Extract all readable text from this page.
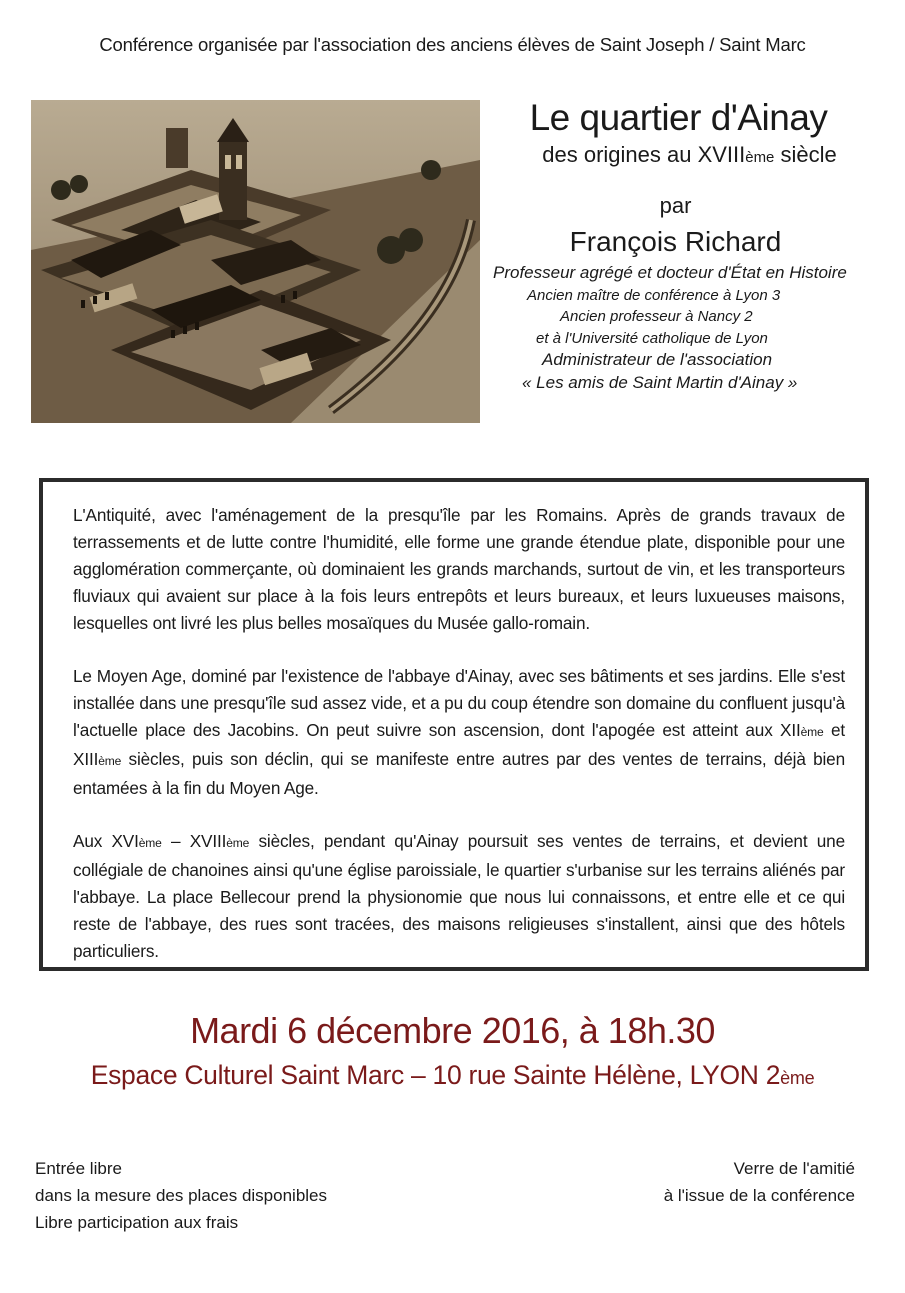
Conférence organisée par l'association des anciens élèves de Saint Joseph / Saint Marc
Le quartier d'Ainay
des origines au XVIIIème siècle
par
François Richard
Professeur agrégé et docteur d'État en Histoire
Ancien maître de conférence à Lyon 3
Ancien professeur à Nancy 2
et à l'Université catholique de Lyon
Administrateur de l'association
« Les amis de Saint Martin d'Ainay »

L'Antiquité, avec l'aménagement de la presqu'île par les Romains. Après de grands travaux de terrassements et de lutte contre l'humidité, elle forme une grande étendue plate, disponible pour une agglomération commerçante, où dominaient les grands marchands, surtout de vin, et les transporteurs fluviaux qui avaient sur place à la fois leurs entrepôts et leurs bureaux, et leurs luxueuses maisons, lesquelles ont livré les plus belles mosaïques du Musée gallo-romain.

Le Moyen Age, dominé par l'existence de l'abbaye d'Ainay, avec ses bâtiments et ses jardins. Elle s'est installée dans une presqu'île sud assez vide, et a pu du coup étendre son domaine du confluent jusqu'à l'actuelle place des Jacobins. On peut suivre son ascension, dont l'apogée est atteint aux XIIème et XIIIème siècles, puis son déclin, qui se manifeste entre autres par des ventes de terrains, déjà bien entamées à la fin du Moyen Age.

Aux XVIème – XVIIIème siècles, pendant qu'Ainay poursuit ses ventes de terrains, et devient une collégiale de chanoines ainsi qu'une église paroissiale, le quartier s'urbanise sur les terrains aliénés par l'abbaye. La place Bellecour prend la physionomie que nous lui connaissons, et entre elle et ce qui reste de l'abbaye, des rues sont tracées, des maisons religieuses s'installent, ainsi que des hôtels particuliers.

Mardi 6 décembre 2016, à 18h.30
Espace Culturel Saint Marc – 10 rue Sainte Hélène, LYON 2ème
Entrée libre
dans la mesure des places disponibles
Libre participation aux frais
Verre de l'amitié
à l'issue de la conférence
